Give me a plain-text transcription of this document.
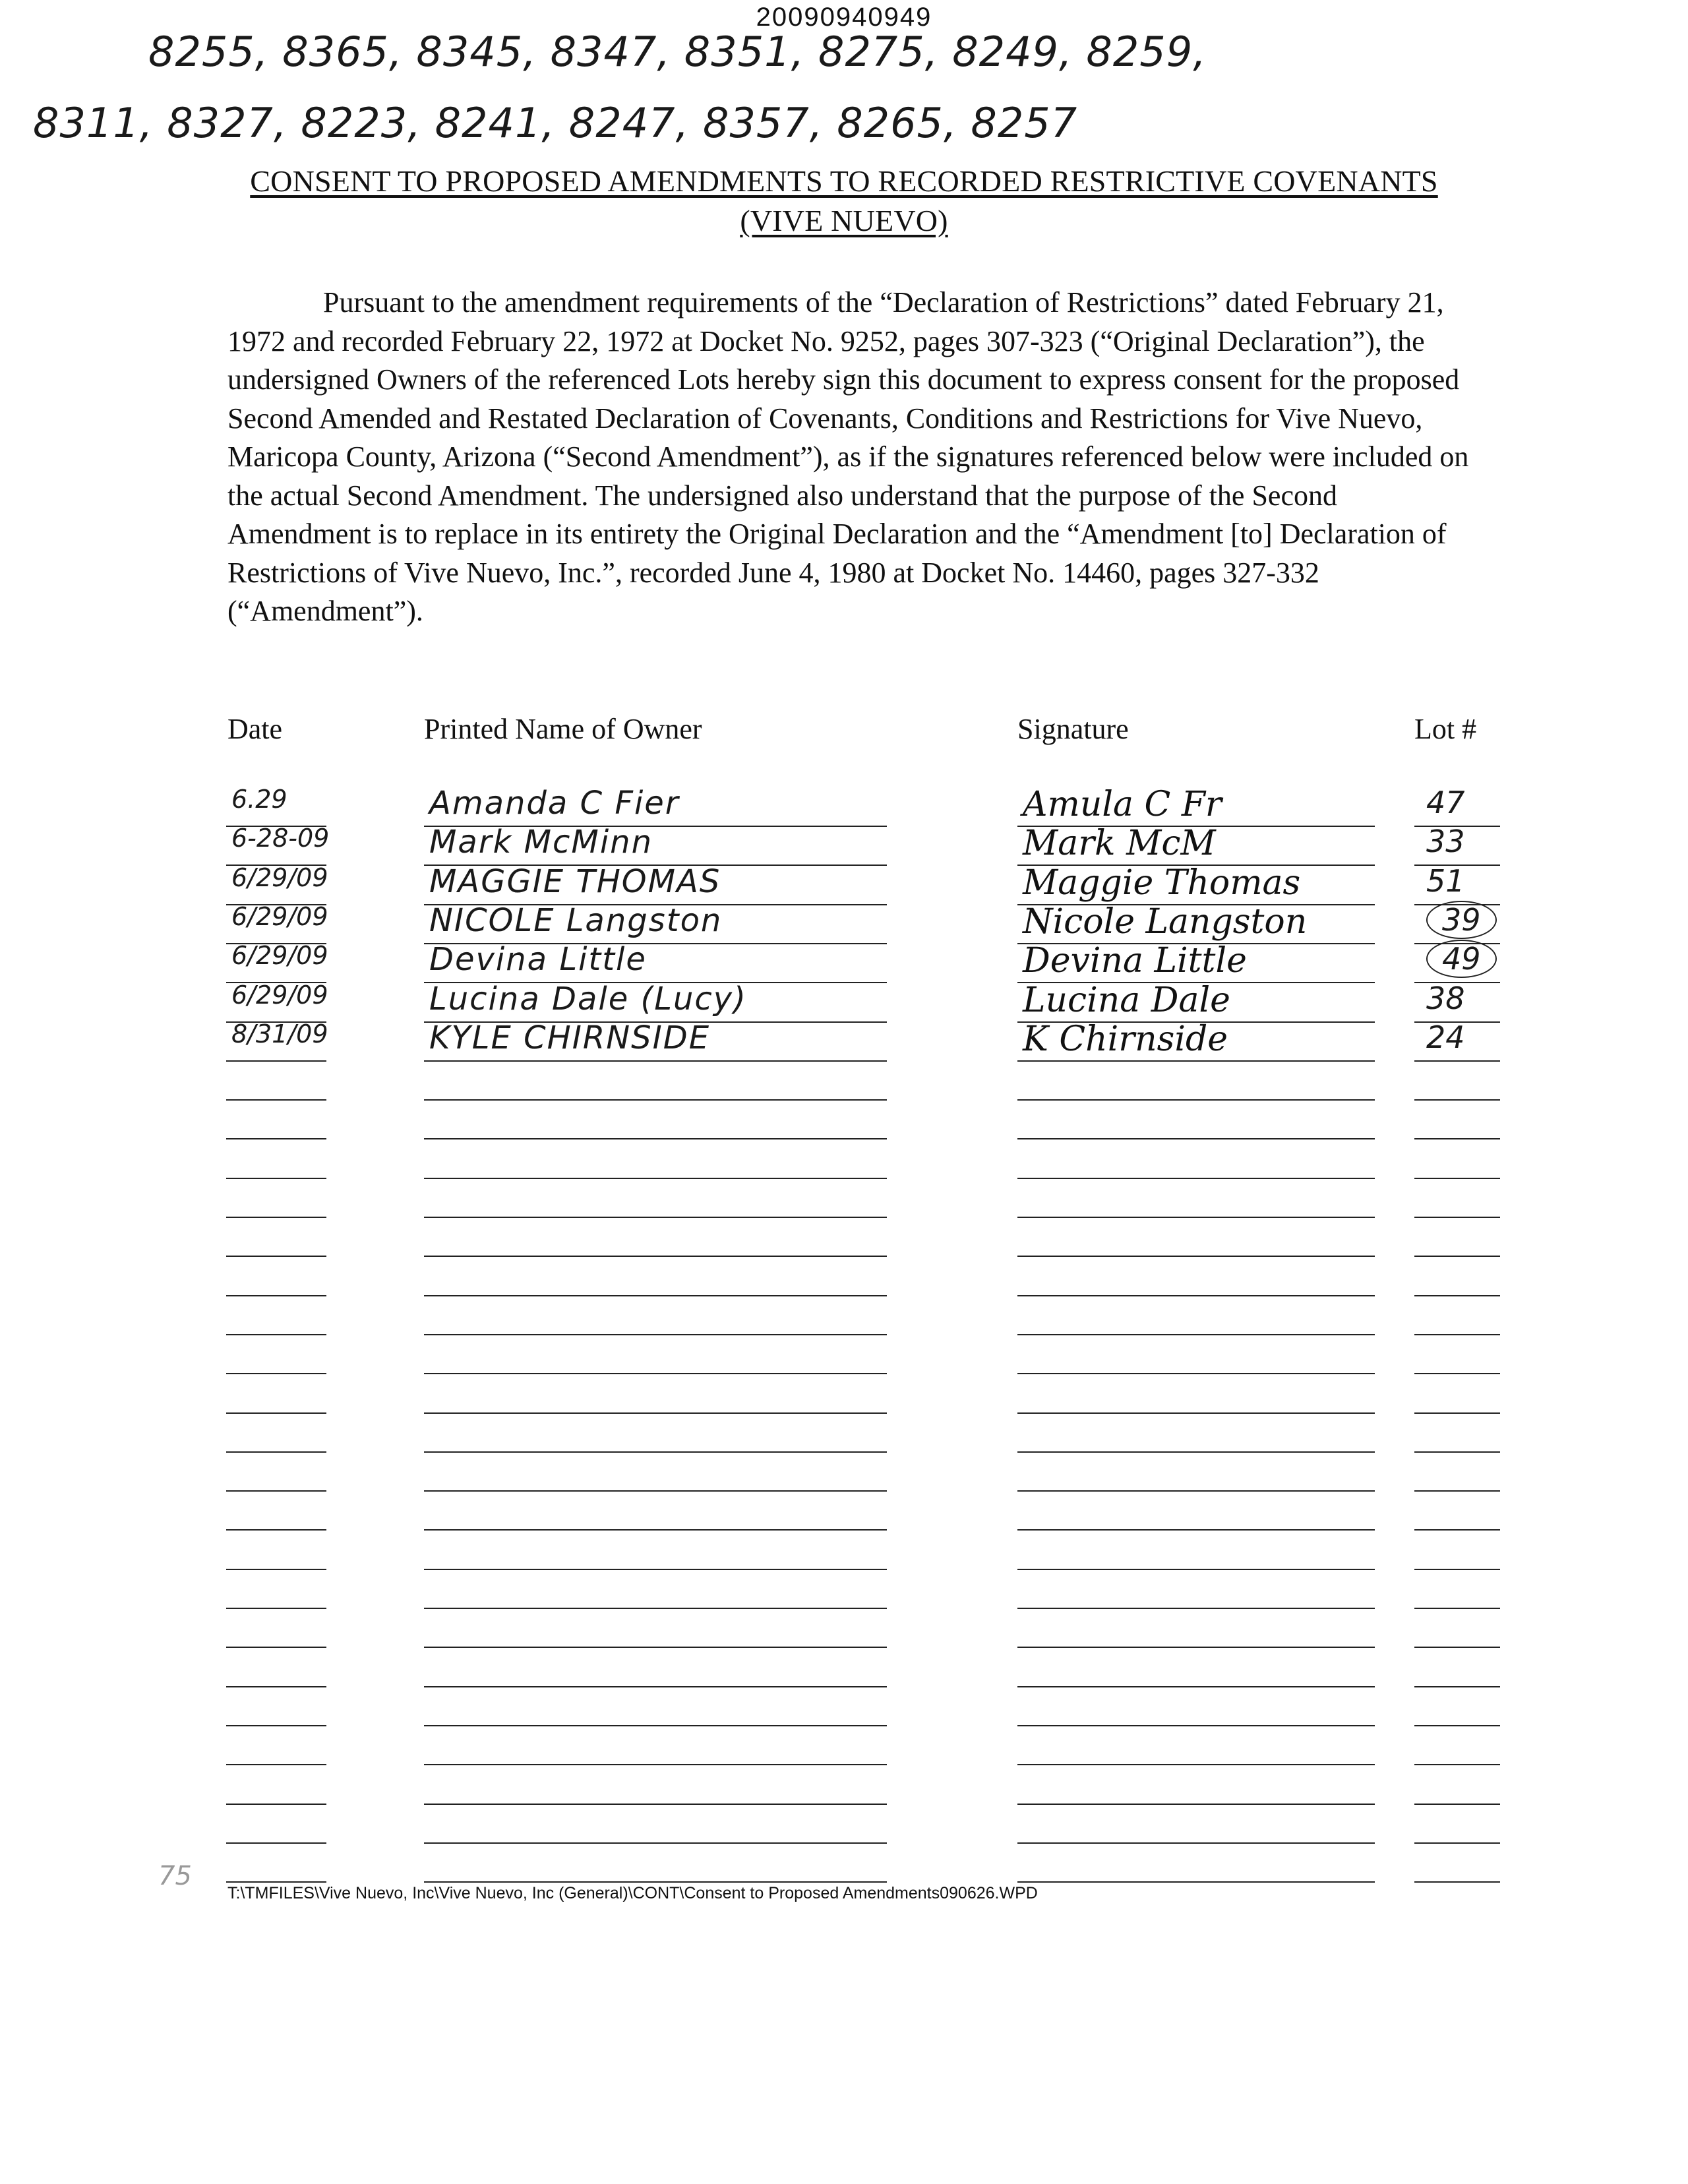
20090940949
8255, 8365, 8345, 8347, 8351, 8275, 8249, 8259,
8311, 8327, 8223, 8241, 8247, 8357, 8265, 8257
CONSENT TO PROPOSED AMENDMENTS TO RECORDED RESTRICTIVE COVENANTS
(VIVE NUEVO)
Pursuant to the amendment requirements of the “Declaration of Restrictions” dated February 21, 1972 and recorded February 22, 1972 at Docket No. 9252, pages 307-323 (“Original Declaration”), the undersigned Owners of the referenced Lots hereby sign this document to express consent for the proposed Second Amended and Restated Declaration of Covenants, Conditions and Restrictions for Vive Nuevo, Maricopa County, Arizona (“Second Amendment”), as if the signatures referenced below were included on the actual Second Amendment. The undersigned also understand that the purpose of the Second Amendment is to replace in its entirety the Original Declaration and the “Amendment [to] Declaration of Restrictions of Vive Nuevo, Inc.”, recorded June 4, 1980 at Docket No. 14460, pages 327-332 (“Amendment”).
Date	Printed Name of Owner	Signature	Lot #
6.29	Amanda C Fier	Amula C Fr	47
6-28-09	Mark McMinn	Mark McM	33
6/29/09	MAGGIE THOMAS	Maggie Thomas	51
6/29/09	NICOLE Langston	Nicole Langston	39
6/29/09	Devina Little	Devina Little	49
6/29/09	Lucina Dale (Lucy)	Lucina Dale	38
8/31/09	KYLE CHIRNSIDE	K Chirnside	24
75
T:\TMFILES\Vive Nuevo, Inc\Vive Nuevo, Inc (General)\CONT\Consent to Proposed Amendments090626.WPD
